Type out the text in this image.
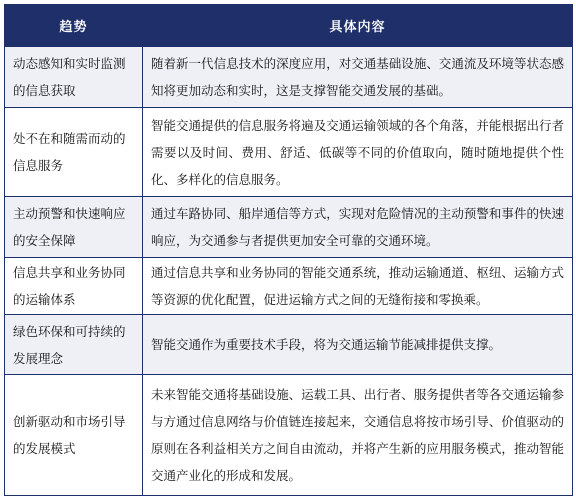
趋势	具体内容
动态感知和实时监测的信息获取	随着新一代信息技术的深度应用，对交通基础设施、交通流及环境等状态感知将更加动态和实时，这是支撑智能交通发展的基础。
处不在和随需而动的信息服务	智能交通提供的信息服务将遍及交通运输领域的各个角落，并能根据出行者需要以及时间、费用、舒适、低碳等不同的价值取向，随时随地提供个性化、多样化的信息服务。
主动预警和快速响应的安全保障	通过车路协同、船岸通信等方式，实现对危险情况的主动预警和事件的快速响应，为交通参与者提供更加安全可靠的交通环境。
信息共享和业务协同的运输体系	通过信息共享和业务协同的智能交通系统，推动运输通道、枢纽、运输方式等资源的优化配置，促进运输方式之间的无缝衔接和零换乘。
绿色环保和可持续的发展理念	智能交通作为重要技术手段，将为交通运输节能减排提供支撑。
创新驱动和市场引导的发展模式	未来智能交通将基础设施、运载工具、出行者、服务提供者等各交通运输参与方通过信息网络与价值链连接起来，交通信息将按市场引导、价值驱动的原则在各利益相关方之间自由流动，并将产生新的应用服务模式，推动智能交通产业化的形成和发展。
